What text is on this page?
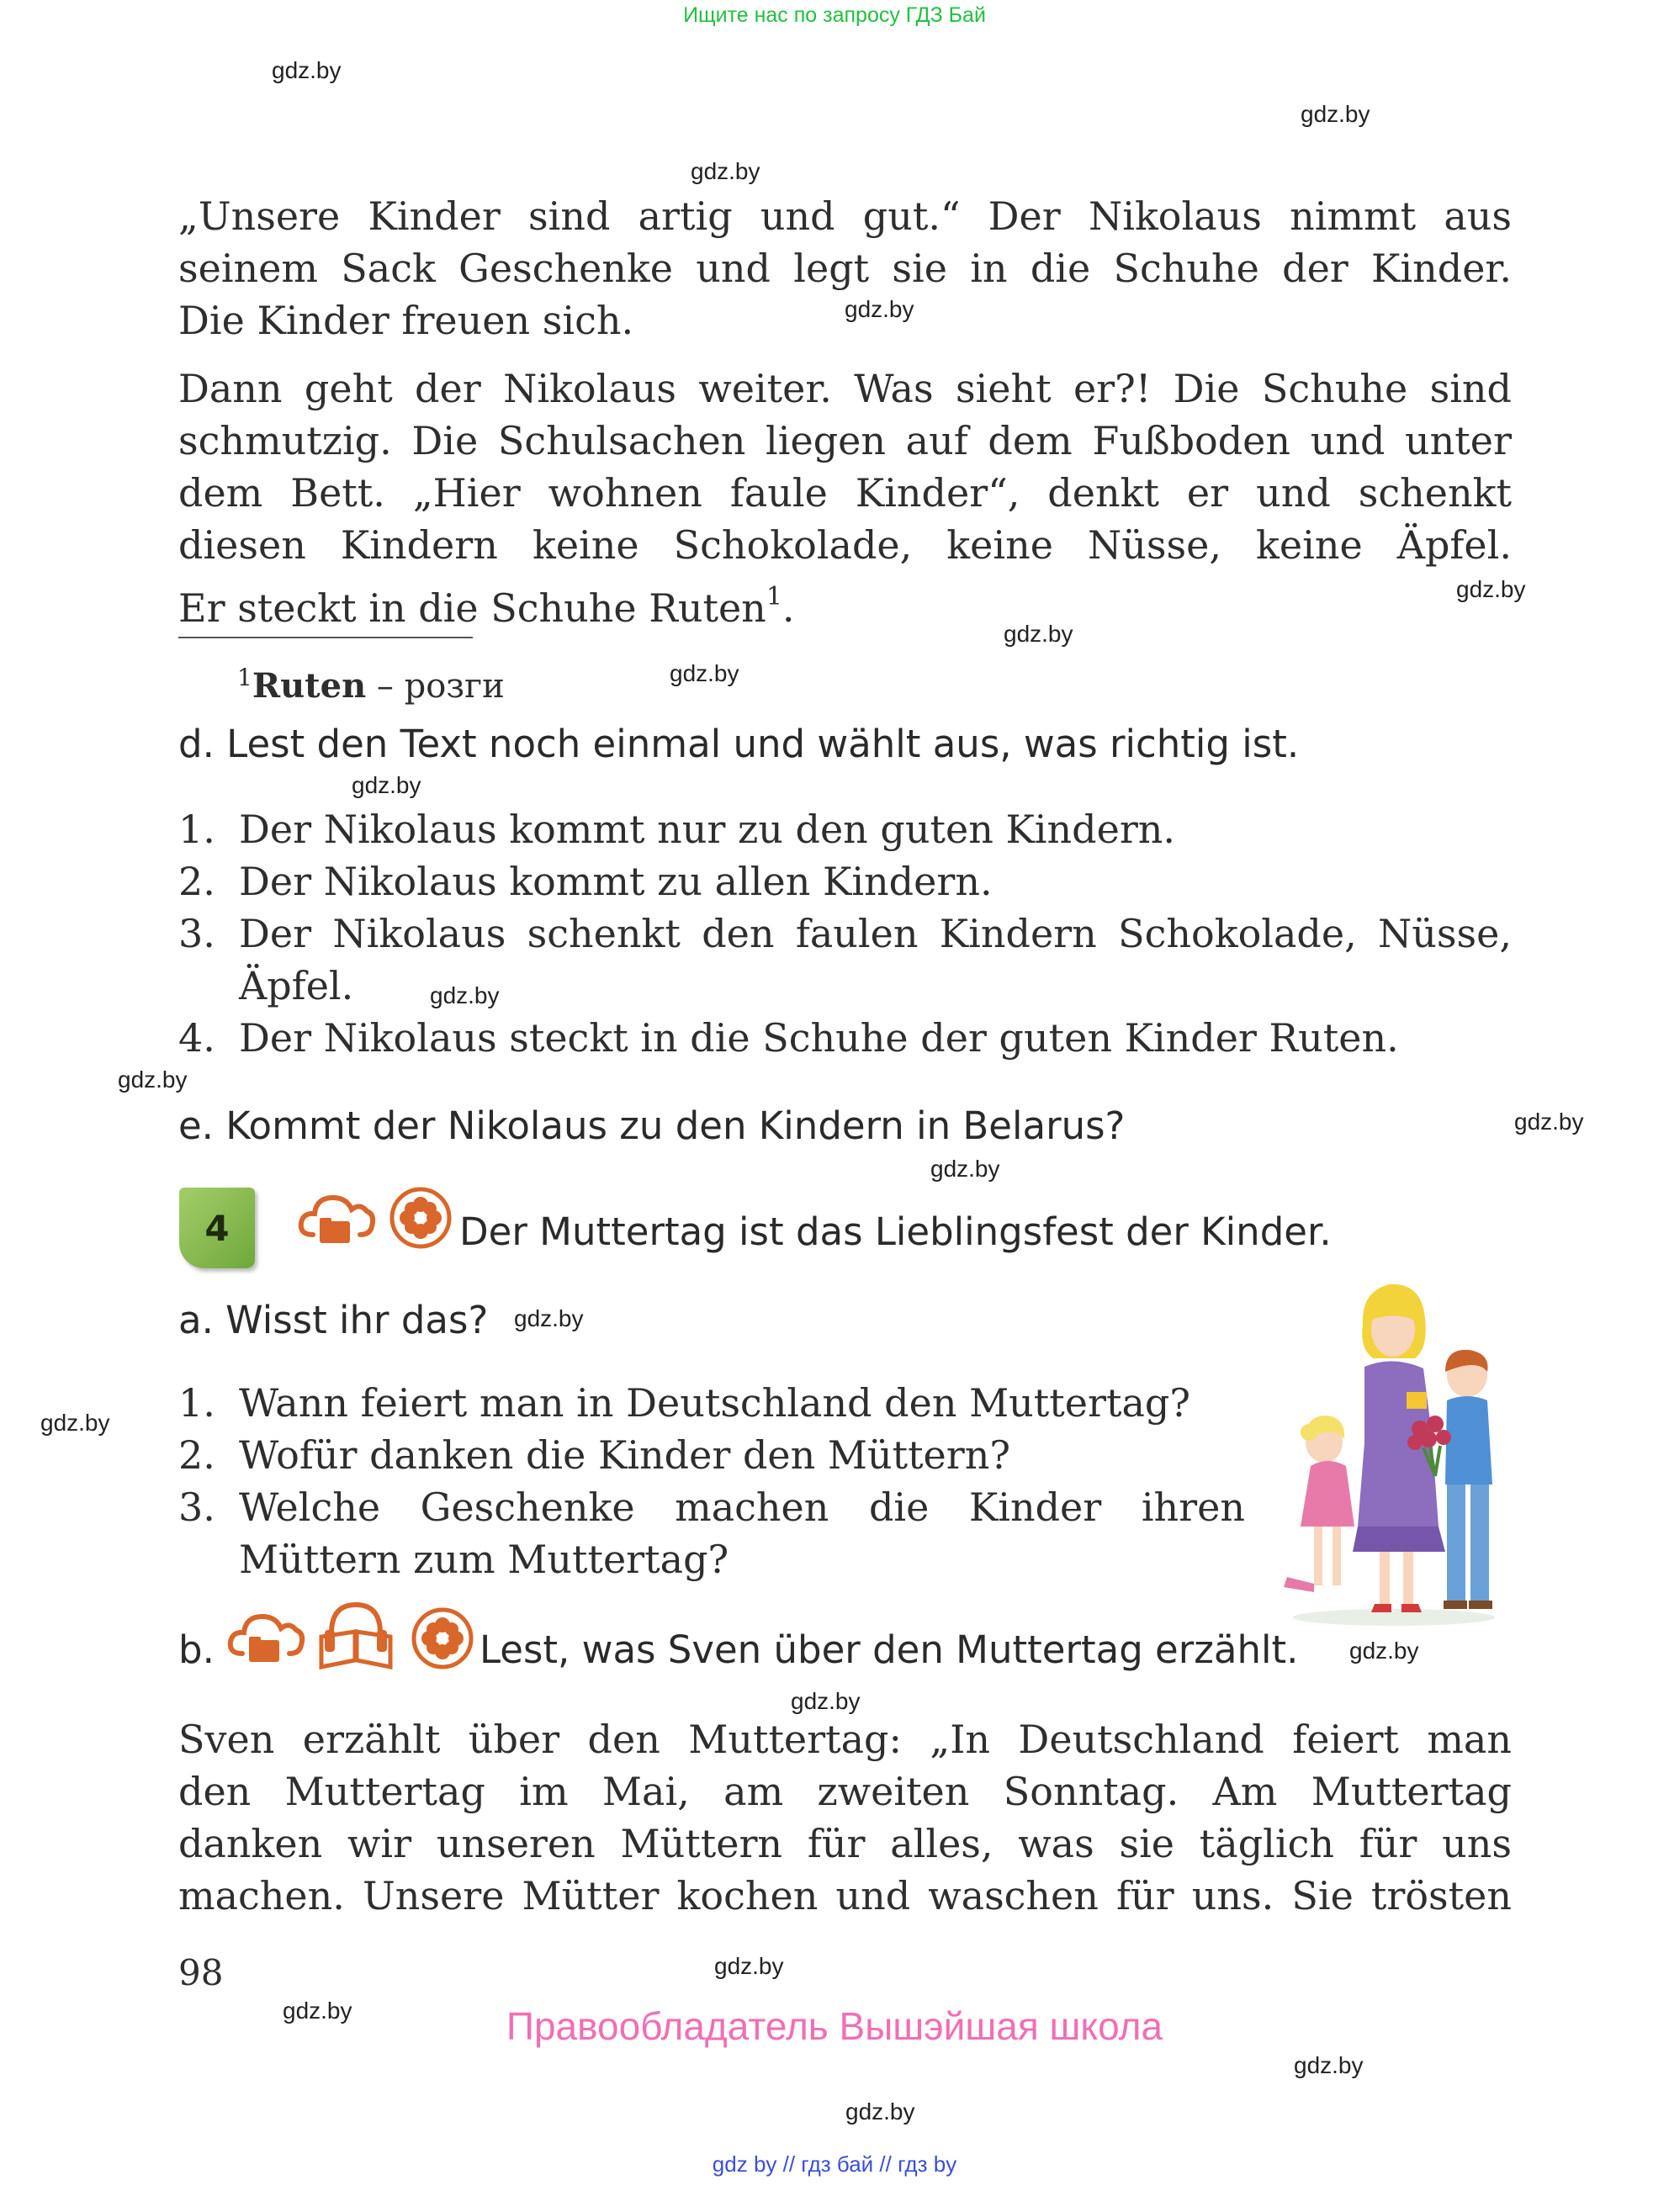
Ищите нас по запросу ГДЗ Бай
gdz.by
gdz.by
gdz.by
gdz.by
gdz.by
gdz.by
gdz.by
gdz.by
gdz.by
gdz.by
gdz.by
gdz.by
gdz.by
gdz.by
gdz.by
gdz.by
gdz.by
gdz.by
gdz.by
gdz.by
„Unsere Kinder sind artig und gut.“ Der Nikolaus nimmt aus
seinem Sack Geschenke und legt sie in die Schuhe der Kinder.
Die Kinder freuen sich.
Dann geht der Nikolaus weiter. Was sieht er?! Die Schuhe sind
schmutzig. Die Schulsachen liegen auf dem Fußboden und unter
dem Bett. „Hier wohnen faule Kinder“, denkt er und schenkt
diesen Kindern keine Schokolade, keine Nüsse, keine Äpfel.
Er steckt in die Schuhe Ruten$^1$.
$^1$Ruten – розги
d. Lest den Text noch einmal und wählt aus, was richtig ist.
1. Der Nikolaus kommt nur zu den guten Kindern.
2. Der Nikolaus kommt zu allen Kindern.
3. Der Nikolaus schenkt den faulen Kindern Schokolade, Nüsse,
Äpfel.
4. Der Nikolaus steckt in die Schuhe der guten Kinder Ruten.
e. Kommt der Nikolaus zu den Kindern in Belarus?
4	Der Muttertag ist das Lieblingsfest der Kinder.
a. Wisst ihr das?
1. Wann feiert man in Deutschland den Muttertag?
2. Wofür danken die Kinder den Müttern?
3. Welche Geschenke machen die Kinder ihren
Müttern zum Muttertag?
b.	Lest, was Sven über den Muttertag erzählt.
Sven erzählt über den Muttertag: „In Deutschland feiert man
den Muttertag im Mai, am zweiten Sonntag. Am Muttertag
danken wir unseren Müttern für alles, was sie täglich für uns
machen. Unsere Mütter kochen und waschen für uns. Sie trösten
98
Правообладатель Вышэйшая школа
gdz by // гдз бай // гдз by
